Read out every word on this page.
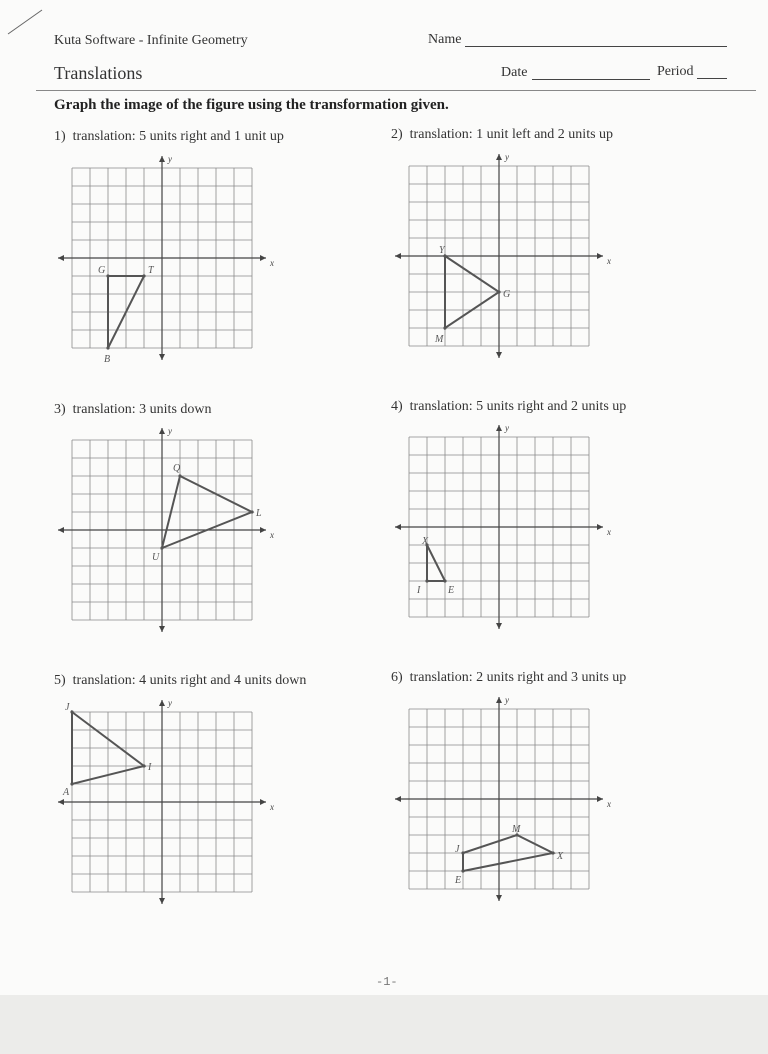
Kuta Software - Infinite Geometry	Name
Translations	Date	Period
Graph the image of the figure using the transformation given.
1) translation: 5 units right and 1 unit up	2) translation: 1 unit left and 2 units up
3) translation: 3 units down	4) translation: 5 units right and 2 units up
5) translation: 4 units right and 4 units down	6) translation: 2 units right and 3 units up
x
y
G	T
B
x
y
Y
G
M
x
y
Q
L
U
x
y
X
E
I
x
y
J
I
A
x
y
M
X
E
J
-1-
